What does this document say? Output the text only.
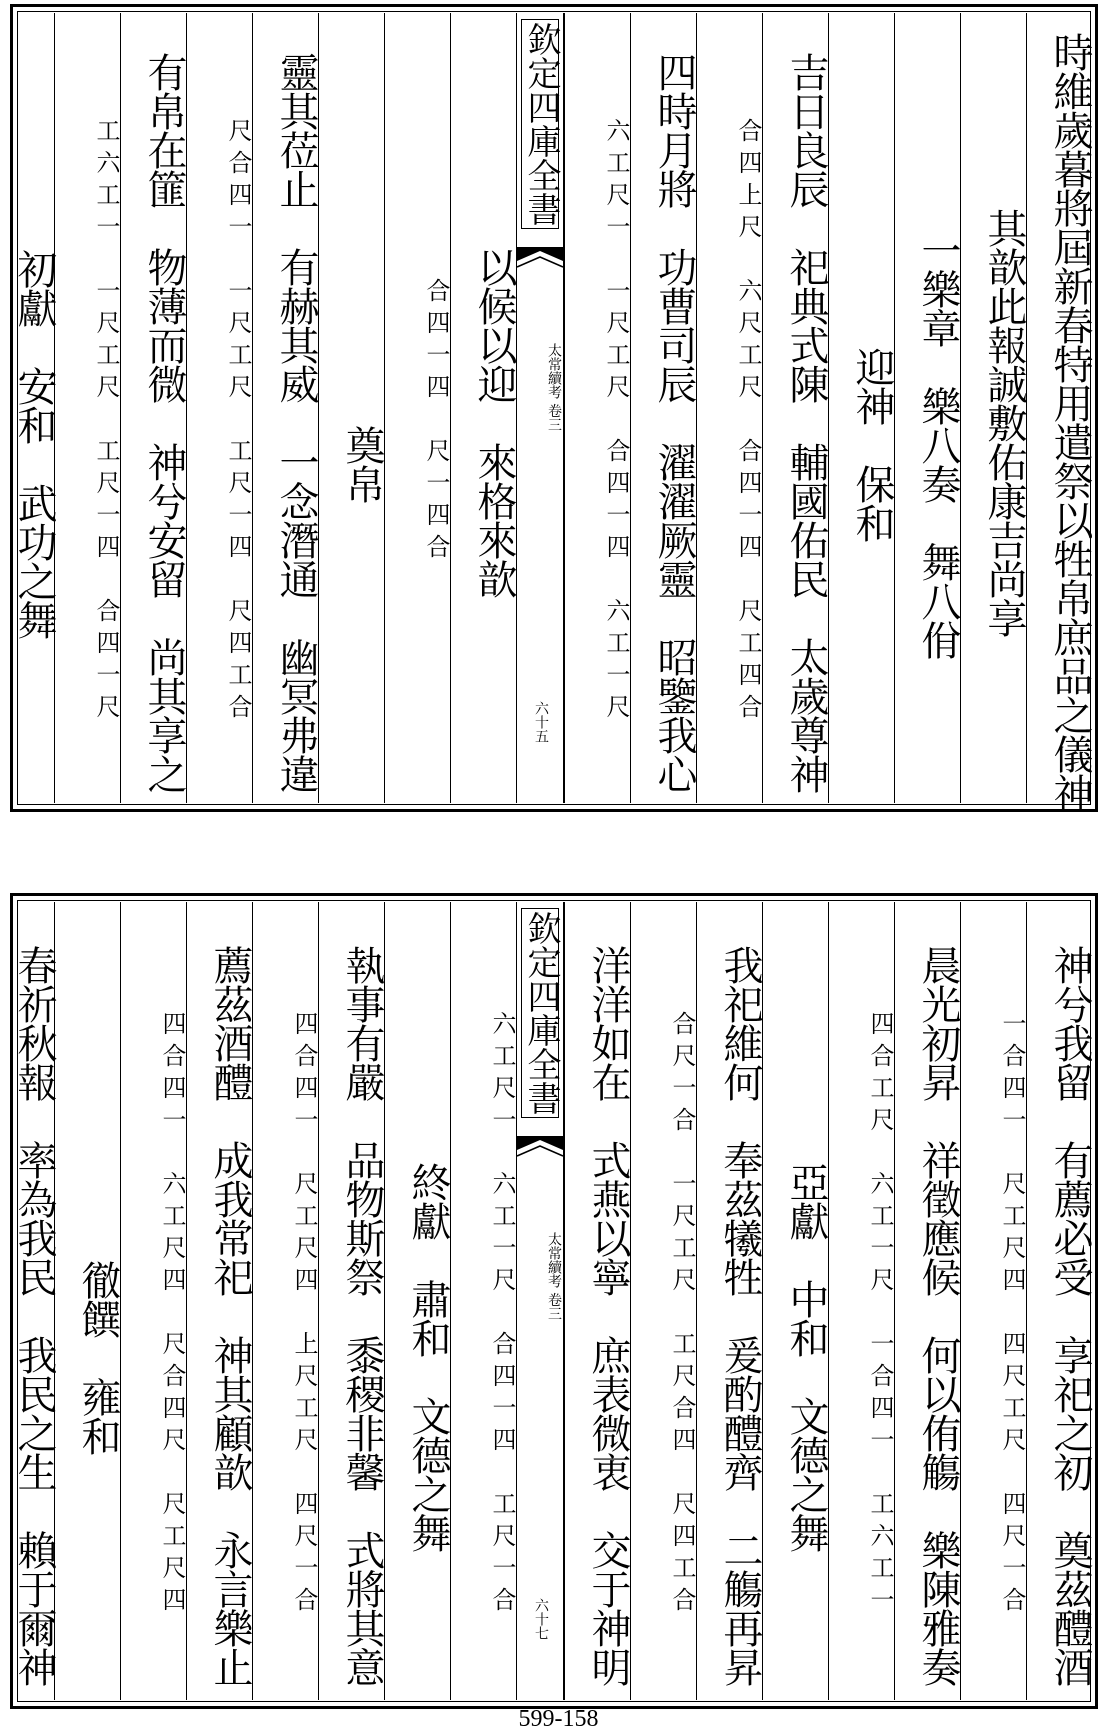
時維歲暮將屆新春特用遣祭以牲帛庶品之儀神
其歆此報誠敷佑康吉尚享
一樂章　樂八奏　舞八佾
迎神　保和
吉日良辰　祀典式陳　輔國佑民　太歲尊神
合四上尺　六尺工尺　合四一四　尺工四合
四時月將　功曹司辰　濯濯厥靈　昭鑒我心
六工尺一　一尺工尺　合四一四　六工一尺
欽定四庫全書
太常續考 卷三
六十五
以候以迎　來格來歆
合四一四　尺一四合
奠帛
靈其莅止　有赫其威　一念潛通　幽冥弗違
尺合四一　一尺工尺　工尺一四　尺四工合
有帛在篚　物薄而微　神兮安留　尚其享之
工六工一　一尺工尺　工尺一四　合四一尺
初獻　安和　武功之舞
神兮我留　有薦必受　享祀之初　奠茲醴酒
一合四一　尺工尺四　四尺工尺　四尺一合
晨光初昇　祥徵應候　何以侑觴　樂陳雅奏
四合工尺　六工一尺　一合四一　工六工一
亞獻　中和　文德之舞
我祀維何　奉茲犧牲　爰酌醴齊　二觴再昇
合尺一合　一尺工尺　工尺合四　尺四工合
洋洋如在　式燕以寧　庶表微衷　交于神明
欽定四庫全書
太常續考 卷三
六十七
六工尺一　六工一尺　合四一四　工尺一合
終獻　肅和　文德之舞
執事有嚴　品物斯祭　黍稷非馨　式將其意
四合四一　尺工尺四　上尺工尺　四尺一合
薦茲酒醴　成我常祀　神其顧歆　永言樂止
四合四一　六工尺四　尺合四尺　尺工尺四
徹饌　雍和
春祈秋報　率為我民　我民之生　賴于爾神
599-158
